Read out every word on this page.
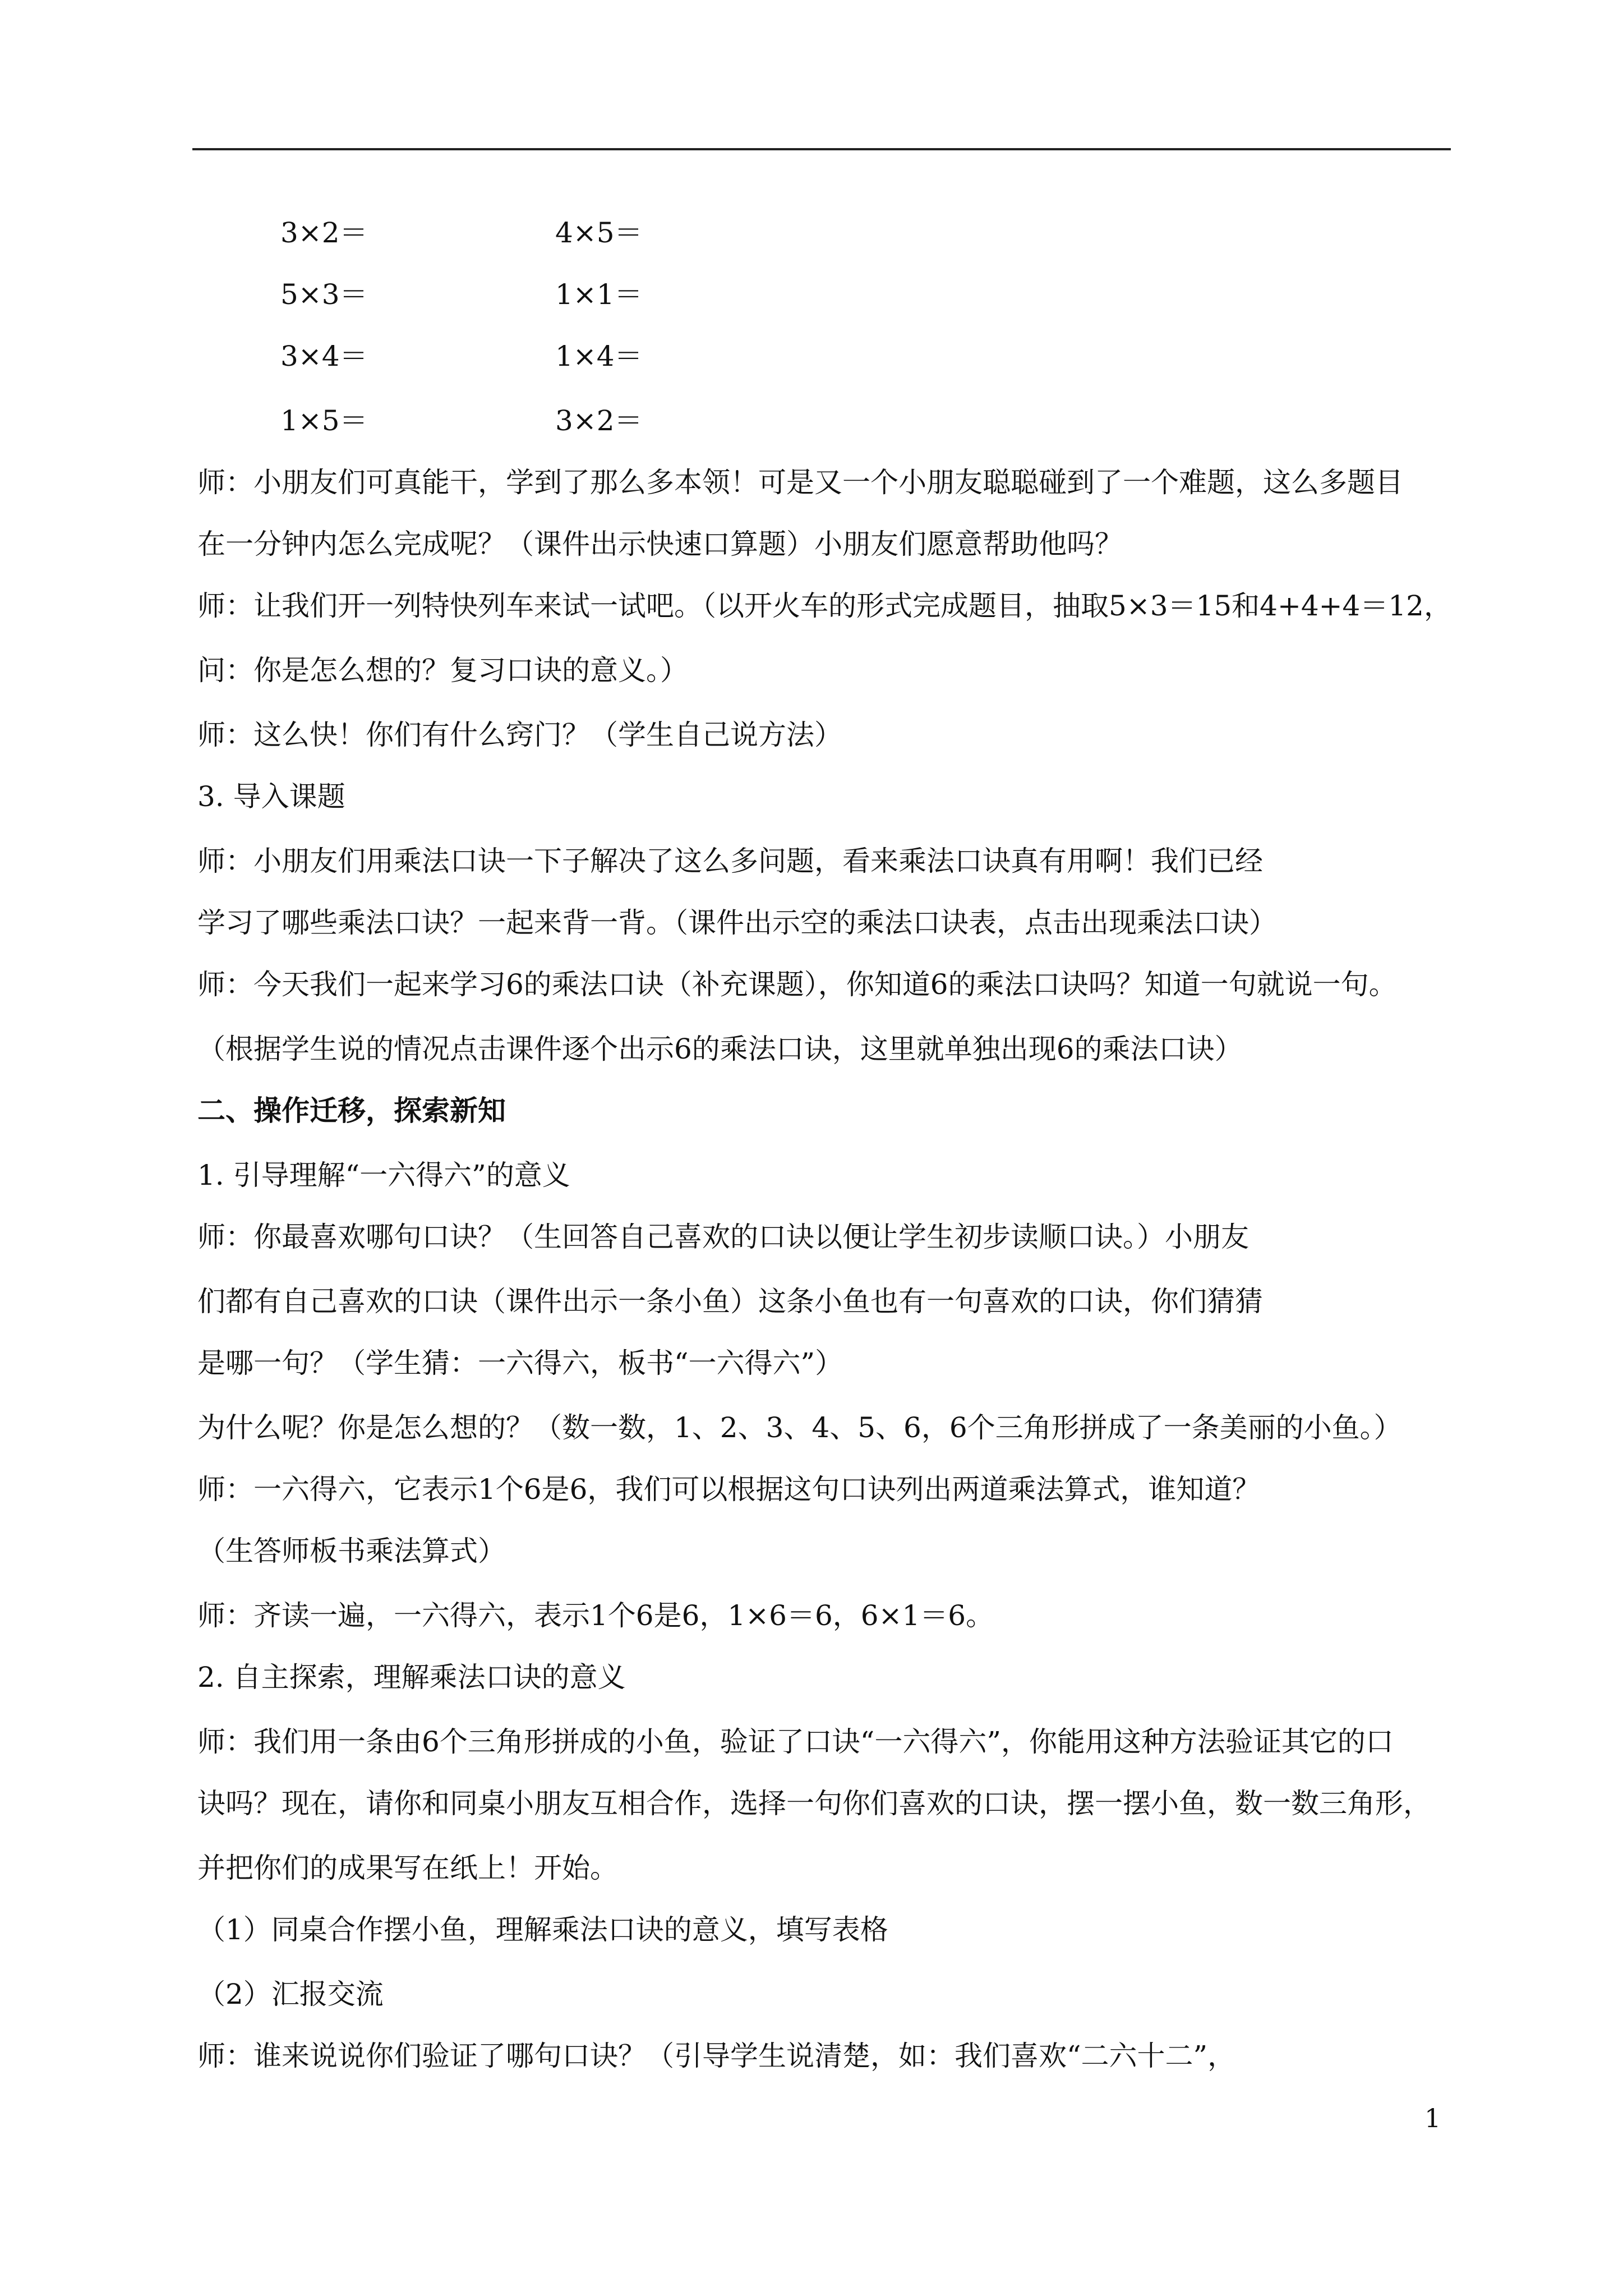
3×2＝	4×5＝
5×3＝	1×1＝
3×4＝	1×4＝
1×5＝	3×2＝
师：小朋友们可真能干，学到了那么多本领！可是又一个小朋友聪聪碰到了一个难题，这么多题目
在一分钟内怎么完成呢？（课件出示快速口算题）小朋友们愿意帮助他吗？
师：让我们开一列特快列车来试一试吧。（以开火车的形式完成题目，抽取5×3＝15和4+4+4＝12，
问：你是怎么想的？复习口诀的意义。）
师：这么快！你们有什么窍门？（学生自己说方法）
3. 导入课题
师：小朋友们用乘法口诀一下子解决了这么多问题，看来乘法口诀真有用啊！我们已经
学习了哪些乘法口诀？一起来背一背。（课件出示空的乘法口诀表，点击出现乘法口诀）
师：今天我们一起来学习6的乘法口诀（补充课题），你知道6的乘法口诀吗？知道一句就说一句。
（根据学生说的情况点击课件逐个出示6的乘法口诀，这里就单独出现6的乘法口诀）
二、操作迁移，探索新知
1. 引导理解“一六得六”的意义
师：你最喜欢哪句口诀？（生回答自己喜欢的口诀以便让学生初步读顺口诀。）小朋友
们都有自己喜欢的口诀（课件出示一条小鱼）这条小鱼也有一句喜欢的口诀，你们猜猜
是哪一句？（学生猜：一六得六，板书“一六得六”）
为什么呢？你是怎么想的？（数一数，1、2、3、4、5、6，6个三角形拼成了一条美丽的小鱼。）
师：一六得六，它表示1个6是6，我们可以根据这句口诀列出两道乘法算式，谁知道？
（生答师板书乘法算式）
师：齐读一遍，一六得六，表示1个6是6，1×6＝6，6×1＝6。
2. 自主探索，理解乘法口诀的意义
师：我们用一条由6个三角形拼成的小鱼，验证了口诀“一六得六”，你能用这种方法验证其它的口
诀吗？现在，请你和同桌小朋友互相合作，选择一句你们喜欢的口诀，摆一摆小鱼，数一数三角形，
并把你们的成果写在纸上！开始。
（1）同桌合作摆小鱼，理解乘法口诀的意义，填写表格
（2）汇报交流
师：谁来说说你们验证了哪句口诀？（引导学生说清楚，如：我们喜欢“二六十二”，
1
